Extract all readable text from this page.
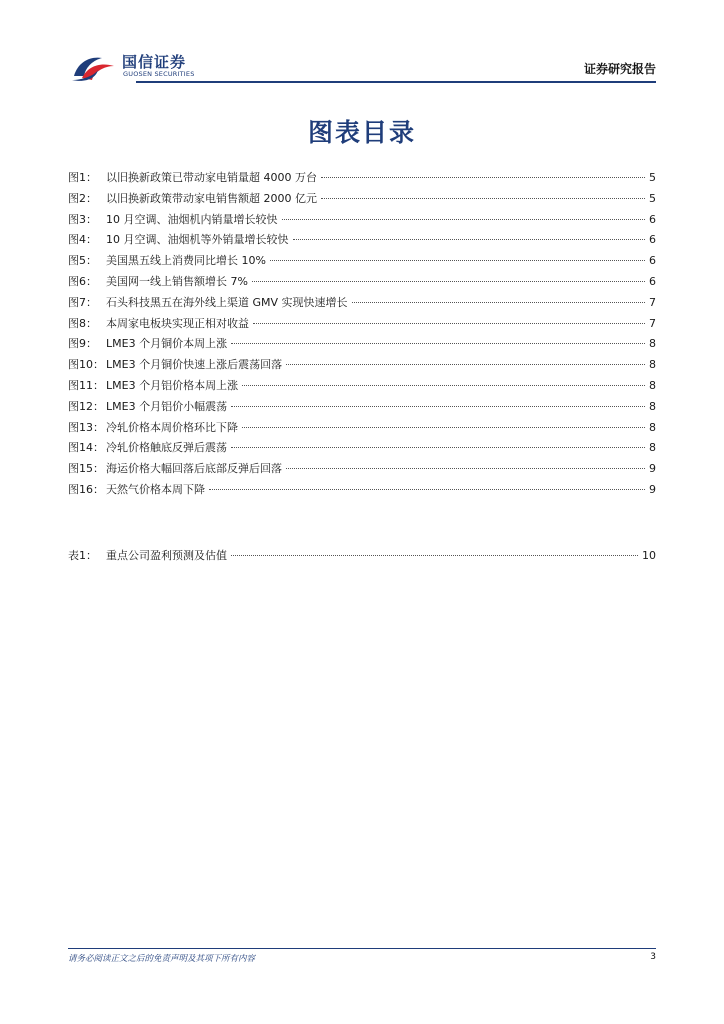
国信证券
GUOSEN SECURITIES	证券研究报告
图表目录
图1： 以旧换新政策已带动家电销量超 4000 万台	5
图2： 以旧换新政策带动家电销售额超 2000 亿元	5
图3： 10 月空调、油烟机内销量增长较快	6
图4： 10 月空调、油烟机等外销量增长较快	6
图5： 美国黑五线上消费同比增长 10%	6
图6： 美国网一线上销售额增长 7%	6
图7： 石头科技黑五在海外线上渠道 GMV 实现快速增长	7
图8： 本周家电板块实现正相对收益	7
图9： LME3 个月铜价本周上涨	8
图10： LME3 个月铜价快速上涨后震荡回落	8
图11： LME3 个月铝价格本周上涨	8
图12： LME3 个月铝价小幅震荡	8
图13： 冷轧价格本周价格环比下降	8
图14： 冷轧价格触底反弹后震荡	8
图15： 海运价格大幅回落后底部反弹后回落	9
图16： 天然气价格本周下降	9
表1： 重点公司盈利预测及估值	10
请务必阅读正文之后的免责声明及其项下所有内容	3
